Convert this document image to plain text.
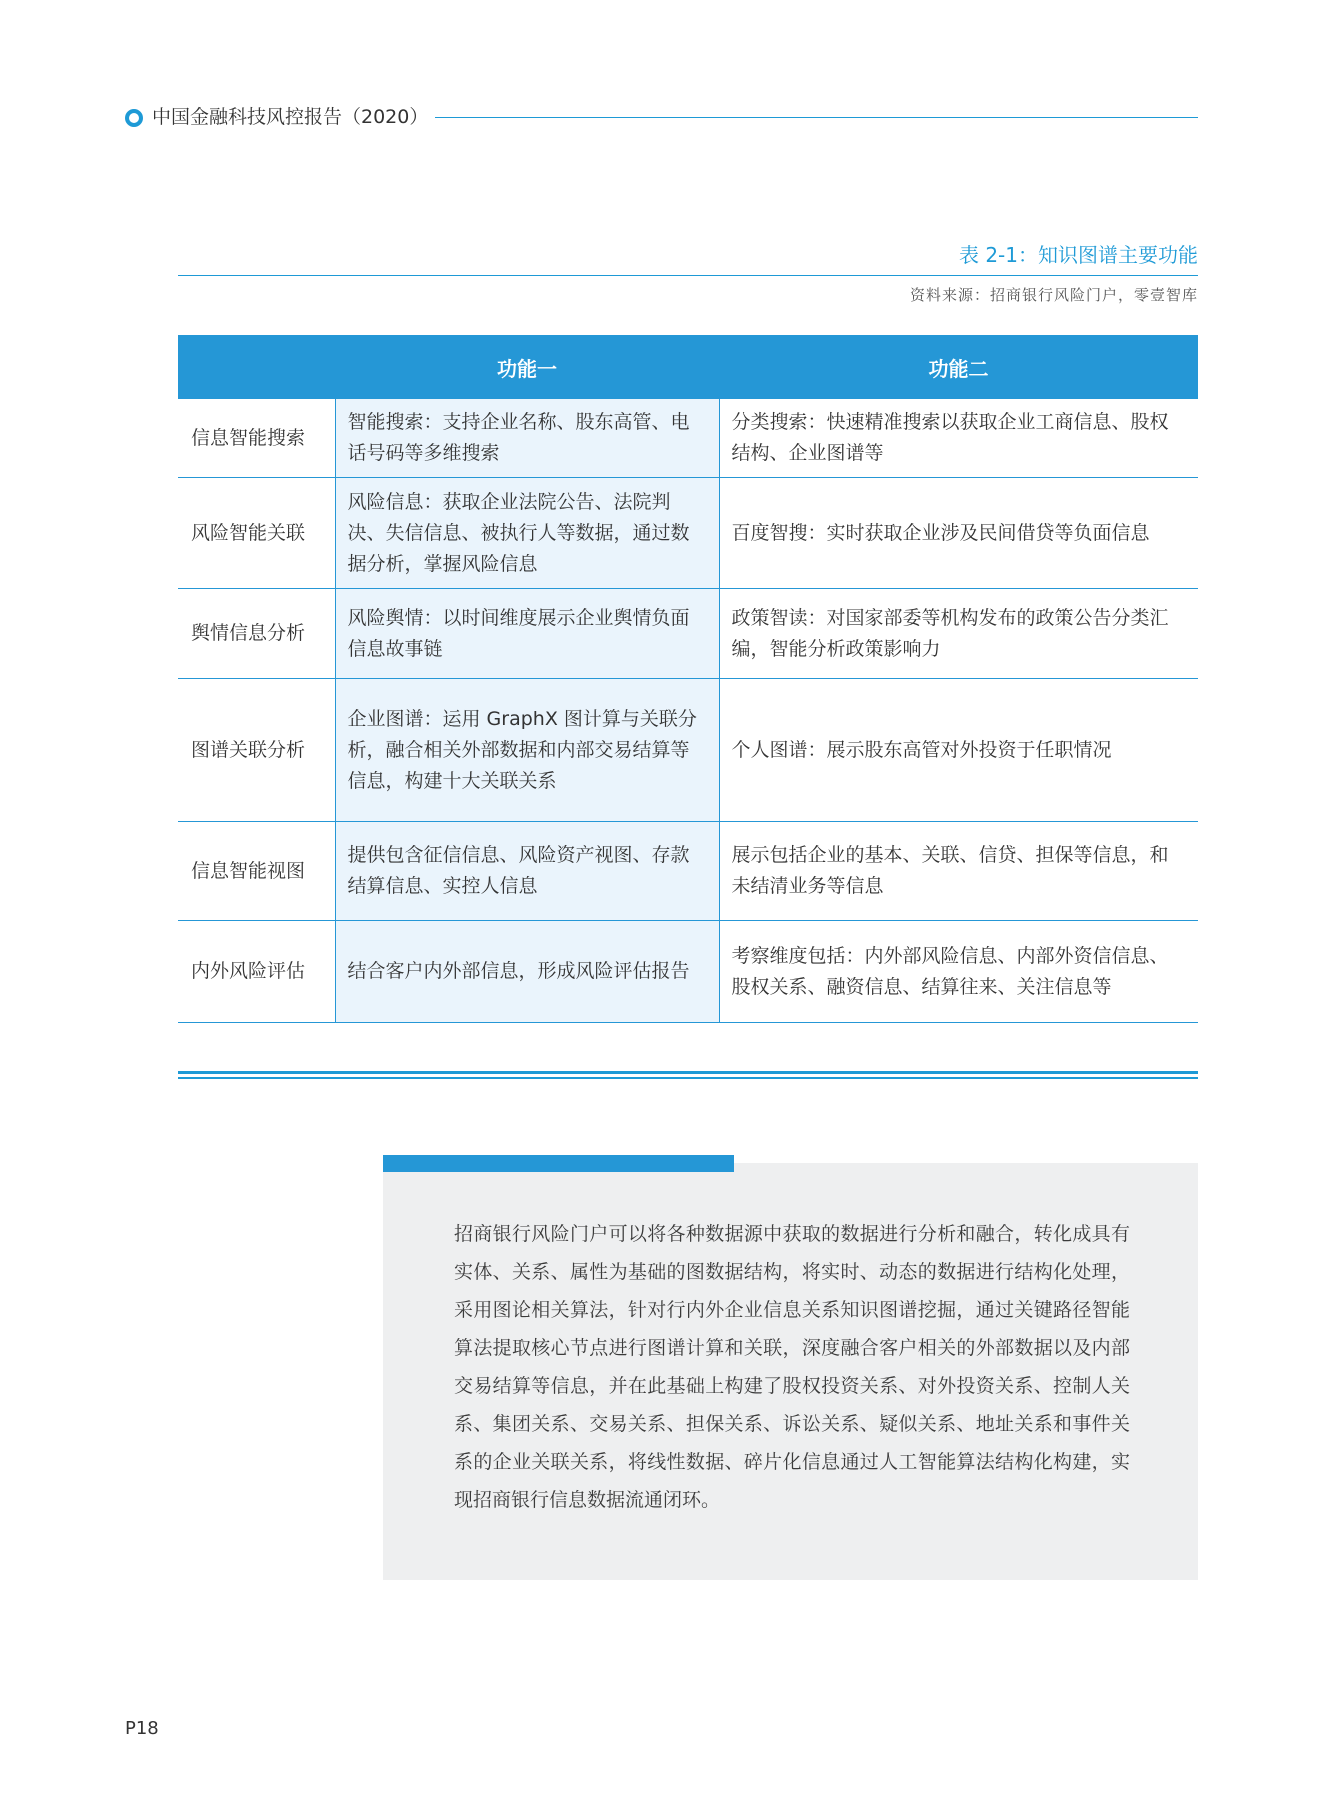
中国金融科技风控报告（2020）
表 2-1：知识图谱主要功能
资料来源：招商银行风险门户，零壹智库
	功能一	功能二
信息智能搜索	智能搜索：支持企业名称、股东高管、电话号码等多维搜索	分类搜索：快速精准搜索以获取企业工商信息、股权结构、企业图谱等
风险智能关联	风险信息：获取企业法院公告、法院判决、失信信息、被执行人等数据，通过数据分析，掌握风险信息	百度智搜：实时获取企业涉及民间借贷等负面信息
舆情信息分析	风险舆情：以时间维度展示企业舆情负面信息故事链	政策智读：对国家部委等机构发布的政策公告分类汇编，智能分析政策影响力
图谱关联分析	企业图谱：运用 GraphX 图计算与关联分析，融合相关外部数据和内部交易结算等信息，构建十大关联关系	个人图谱：展示股东高管对外投资于任职情况
信息智能视图	提供包含征信信息、风险资产视图、存款结算信息、实控人信息	展示包括企业的基本、关联、信贷、担保等信息，和未结清业务等信息
内外风险评估	结合客户内外部信息，形成风险评估报告	考察维度包括：内外部风险信息、内部外资信信息、股权关系、融资信息、结算往来、关注信息等
招商银行风险门户可以将各种数据源中获取的数据进行分析和融合，转化成具有实体、关系、属性为基础的图数据结构，将实时、动态的数据进行结构化处理，采用图论相关算法，针对行内外企业信息关系知识图谱挖掘，通过关键路径智能算法提取核心节点进行图谱计算和关联，深度融合客户相关的外部数据以及内部交易结算等信息，并在此基础上构建了股权投资关系、对外投资关系、控制人关系、集团关系、交易关系、担保关系、诉讼关系、疑似关系、地址关系和事件关系的企业关联关系，将线性数据、碎片化信息通过人工智能算法结构化构建，实现招商银行信息数据流通闭环。
P18
